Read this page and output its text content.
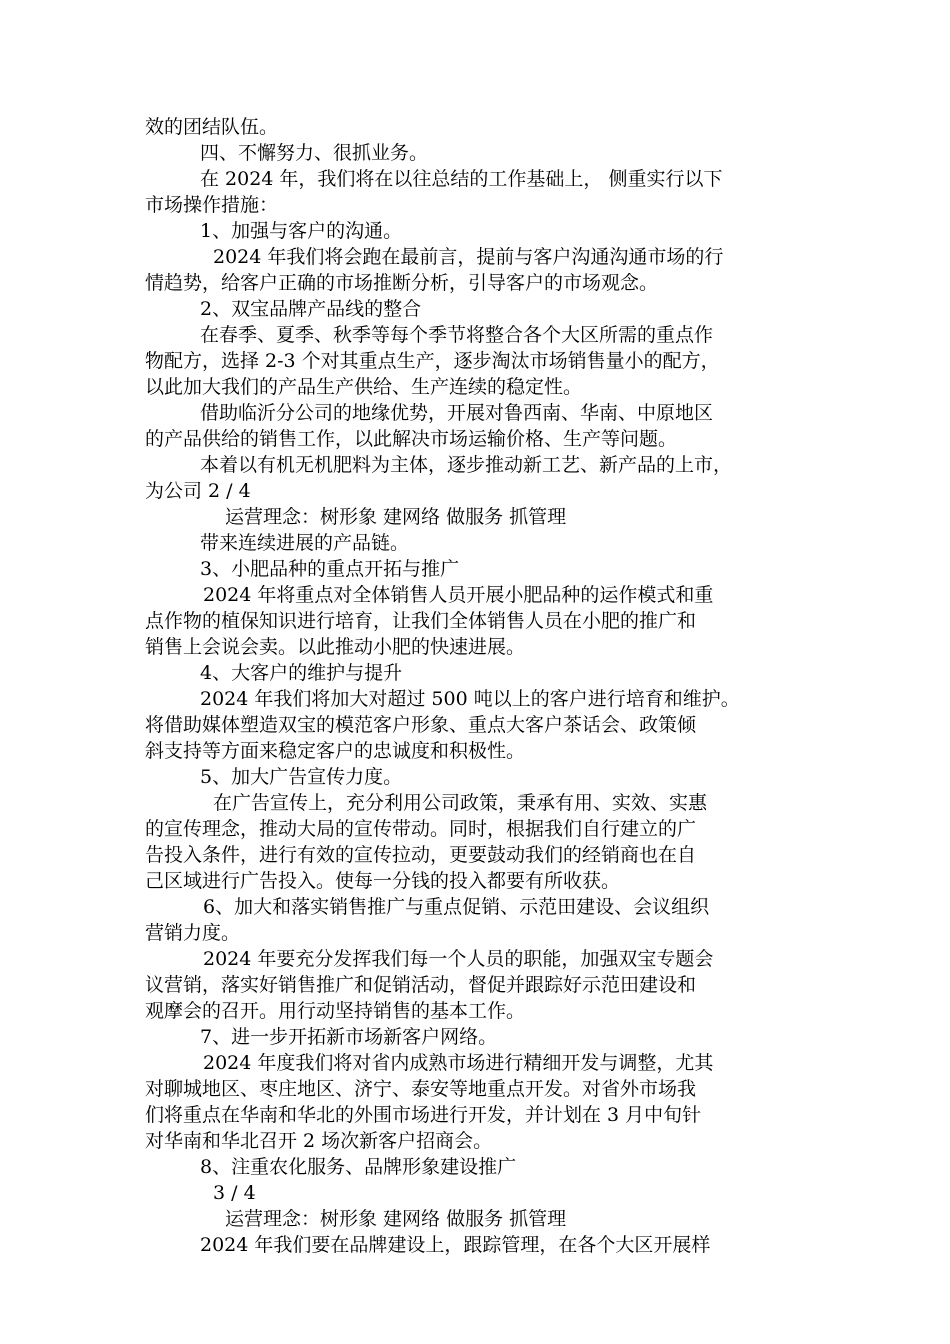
效的团结队伍。
四、不懈努力、很抓业务。
在 2024 年，我们将在以往总结的工作基础上， 侧重实行以下
市场操作措施：
1、加强与客户的沟通。
2024 年我们将会跑在最前言，提前与客户沟通沟通市场的行
情趋势，给客户正确的市场推断分析，引导客户的市场观念。
2、双宝品牌产品线的整合
在春季、夏季、秋季等每个季节将整合各个大区所需的重点作
物配方，选择 2-3 个对其重点生产，逐步淘汰市场销售量小的配方，
以此加大我们的产品生产供给、生产连续的稳定性。
借助临沂分公司的地缘优势，开展对鲁西南、华南、中原地区
的产品供给的销售工作，以此解决市场运输价格、生产等问题。
本着以有机无机肥料为主体，逐步推动新工艺、新产品的上市，
为公司 2 / 4
运营理念：树形象 建网络 做服务 抓管理
带来连续进展的产品链。
3、小肥品种的重点开拓与推广
2024 年将重点对全体销售人员开展小肥品种的运作模式和重
点作物的植保知识进行培育，让我们全体销售人员在小肥的推广和
销售上会说会卖。以此推动小肥的快速进展。
4、大客户的维护与提升
2024 年我们将加大对超过 500 吨以上的客户进行培育和维护。
将借助媒体塑造双宝的模范客户形象、重点大客户茶话会、政策倾
斜支持等方面来稳定客户的忠诚度和积极性。
5、加大广告宣传力度。
在广告宣传上，充分利用公司政策，秉承有用、实效、实惠
的宣传理念，推动大局的宣传带动。同时，根据我们自行建立的广
告投入条件，进行有效的宣传拉动，更要鼓动我们的经销商也在自
己区域进行广告投入。使每一分钱的投入都要有所收获。
6、加大和落实销售推广与重点促销、示范田建设、会议组织
营销力度。
2024 年要充分发挥我们每一个人员的职能，加强双宝专题会
议营销，落实好销售推广和促销活动，督促并跟踪好示范田建设和
观摩会的召开。用行动坚持销售的基本工作。
7、进一步开拓新市场新客户网络。
2024 年度我们将对省内成熟市场进行精细开发与调整，尤其
对聊城地区、枣庄地区、济宁、泰安等地重点开发。对省外市场我
们将重点在华南和华北的外围市场进行开发，并计划在 3 月中旬针
对华南和华北召开 2 场次新客户招商会。
8、注重农化服务、品牌形象建设推广
3 / 4
运营理念：树形象 建网络 做服务 抓管理
2024 年我们要在品牌建设上，跟踪管理，在各个大区开展样
